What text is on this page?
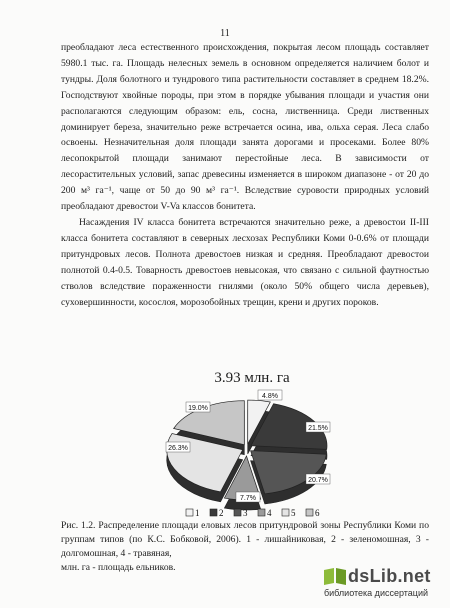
11

преобладают леса естественного происхождения, покрытая лесом площадь составляет 5980.1 тыс. га. Площадь нелесных земель в основном определяется наличием болот и тундры. Доля болотного и тундрового типа растительности составляет в среднем 18.2%. Господствуют хвойные породы, при этом в порядке убывания площади и участия они располагаются следующим образом: ель, сосна, лиственница. Среди лиственных доминирует береза, значительно реже встречается осина, ива, ольха серая. Леса слабо освоены. Незначительная доля площади занята дорогами и просеками. Более 80% лесопокрытой площади занимают перестойные леса. В зависимости от лесорастительных условий, запас древесины изменяется в широком диапазоне - от 20 до 200 м³ га⁻¹, чаще от 50 до 90 м³ га⁻¹. Вследствие суровости природных условий преобладают древостои V-Va классов бонитета.

Насаждения IV класса бонитета встречаются значительно реже, а древостои II-III класса бонитета составляют в северных лесхозах Республики Коми 0-0.6% от площади притундровых лесов. Полнота древостоев низкая и средняя. Преобладают древостои полнотой 0.4-0.5. Товарность древостоев невысокая, что связано с сильной фаутностью стволов вследствие пораженности гнилями (около 50% общего числа деревьев), суховершинности, косослоя, морозобойных трещин, крени и других пороков.

3.93 млн. га
4.8%
21.5%
20.7%
7.7%
26.3%
19.0%
1 2 3 4 5 6
Рис. 1.2. Распределение площади еловых лесов притундровой зоны Республики Коми по группам типов (по К.С. Бобковой, 2006). 1 - лишайниковая, 2 - зеленомошная, 3 - долгомошная, 4 - травяная,
млн. га - площадь ельников.	dsLib.net
библиотека диссертаций
